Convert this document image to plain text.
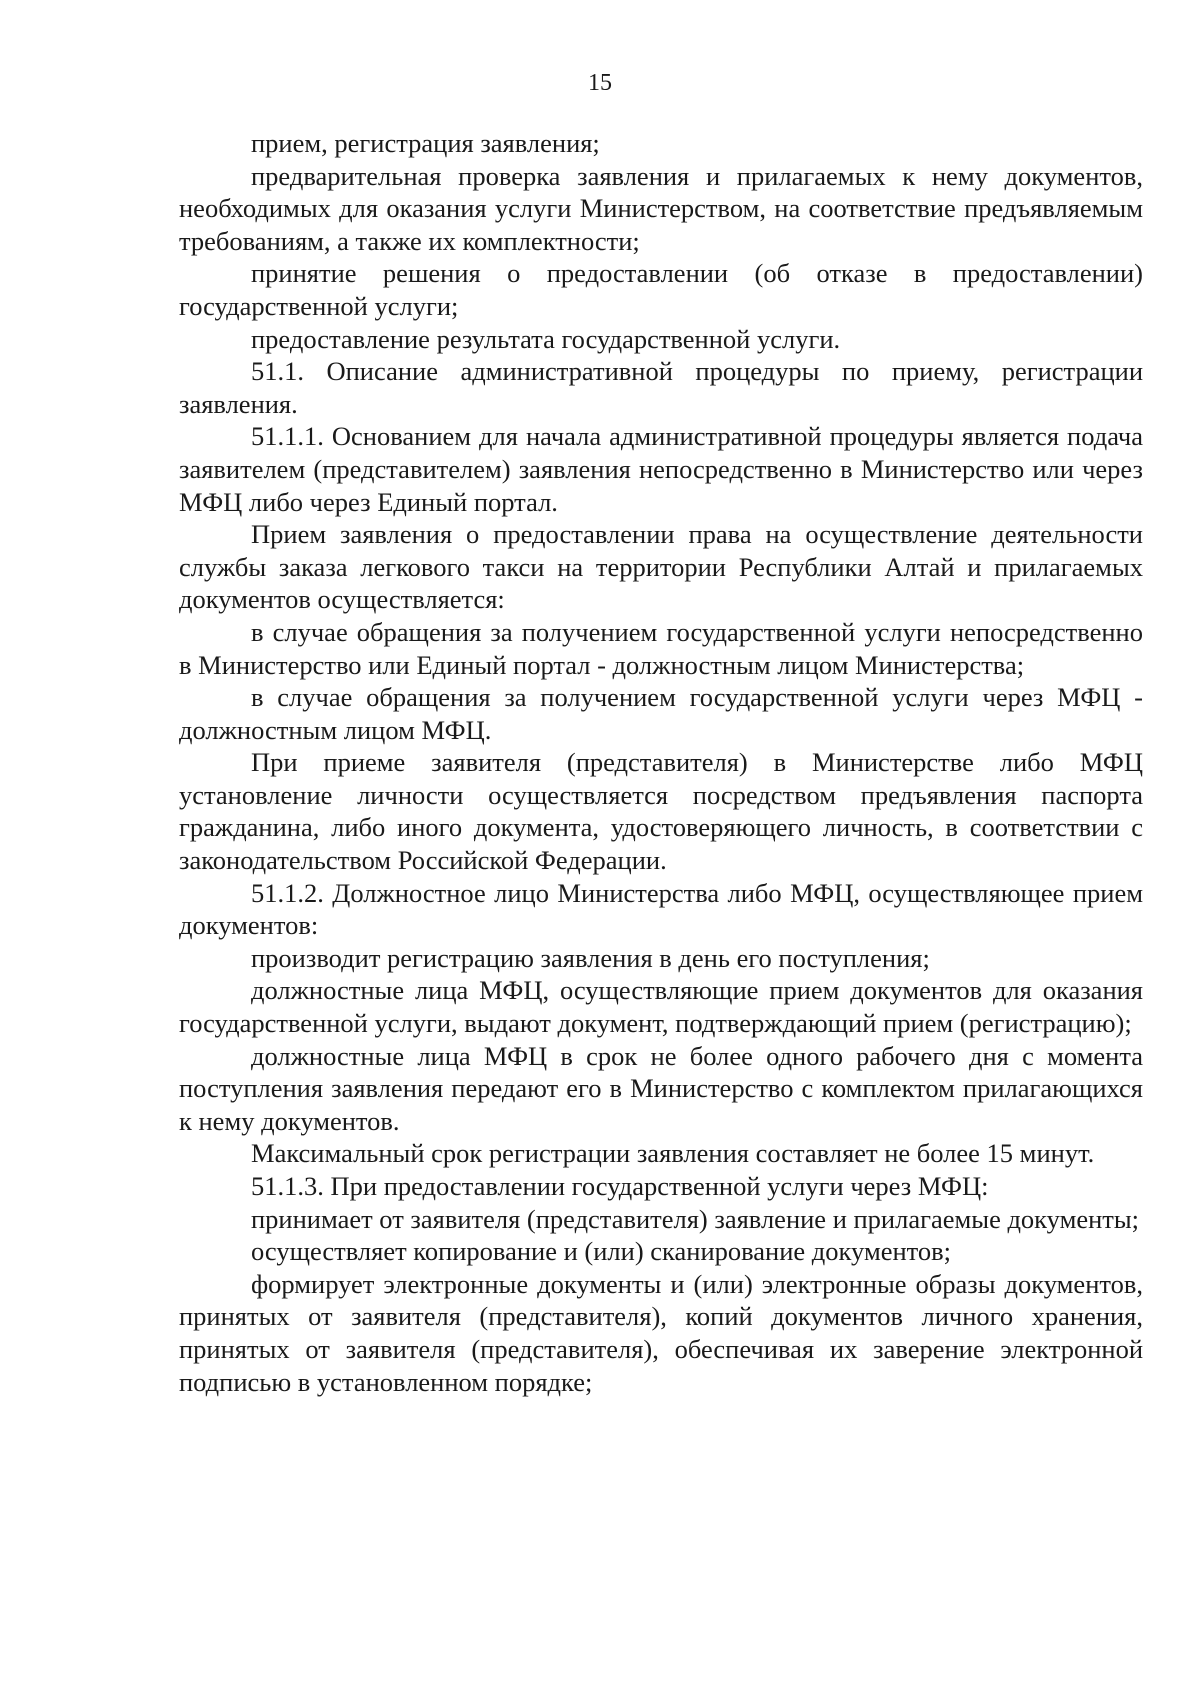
15

прием, регистрация заявления;

предварительная проверка заявления и прилагаемых к нему документов, необходимых для оказания услуги Министерством, на соответствие предъявляемым требованиям, а также их комплектности;

принятие решения о предоставлении (об отказе в предоставлении) государственной услуги;

предоставление результата государственной услуги.

51.1. Описание административной процедуры по приему, регистрации заявления.

51.1.1. Основанием для начала административной процедуры является подача заявителем (представителем) заявления непосредственно в Министерство или через МФЦ либо через Единый портал.

Прием заявления о предоставлении права на осуществление деятельности службы заказа легкового такси на территории Республики Алтай и прилагаемых документов осуществляется:

в случае обращения за получением государственной услуги непосредственно в Министерство или Единый портал - должностным лицом Министерства;

в случае обращения за получением государственной услуги через МФЦ - должностным лицом МФЦ.

При приеме заявителя (представителя) в Министерстве либо МФЦ установление личности осуществляется посредством предъявления паспорта гражданина, либо иного документа, удостоверяющего личность, в соответствии с законодательством Российской Федерации.

51.1.2. Должностное лицо Министерства либо МФЦ, осуществляющее прием документов:

производит регистрацию заявления в день его поступления;

должностные лица МФЦ, осуществляющие прием документов для оказания государственной услуги, выдают документ, подтверждающий прием (регистрацию);

должностные лица МФЦ в срок не более одного рабочего дня с момента поступления заявления передают его в Министерство с комплектом прилагающихся к нему документов.

Максимальный срок регистрации заявления составляет не более 15 минут.

51.1.3. При предоставлении государственной услуги через МФЦ:

принимает от заявителя (представителя) заявление и прилагаемые документы;

осуществляет копирование и (или) сканирование документов;

формирует электронные документы и (или) электронные образы документов, принятых от заявителя (представителя), копий документов личного хранения, принятых от заявителя (представителя), обеспечивая их заверение электронной подписью в установленном порядке;
